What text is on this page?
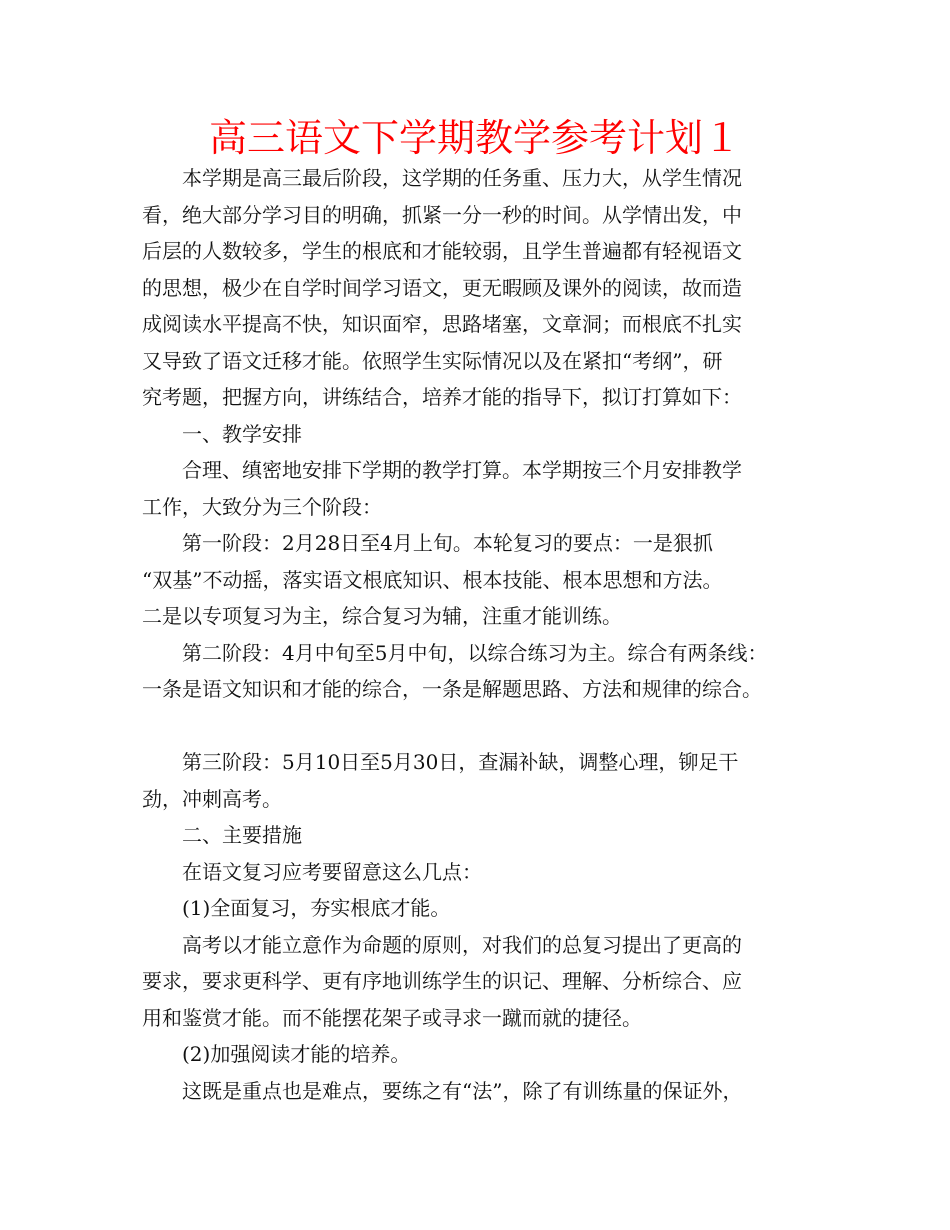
高三语文下学期教学参考计划１

本学期是高三最后阶段，这学期的任务重、压力大，从学生情况
看，绝大部分学习目的明确，抓紧一分一秒的时间。从学情出发，中
后层的人数较多，学生的根底和才能较弱，且学生普遍都有轻视语文
的思想，极少在自学时间学习语文，更无暇顾及课外的阅读，故而造
成阅读水平提高不快，知识面窄，思路堵塞，文章洞；而根底不扎实
又导致了语文迁移才能。依照学生实际情况以及在紧扣“考纲”，研
究考题，把握方向，讲练结合，培养才能的指导下，拟订打算如下：

一、教学安排

合理、缜密地安排下学期的教学打算。本学期按三个月安排教学
工作，大致分为三个阶段：

第一阶段：2月28日至4月上旬。本轮复习的要点：一是狠抓
“双基”不动摇，落实语文根底知识、根本技能、根本思想和方法。
二是以专项复习为主，综合复习为辅，注重才能训练。

第二阶段：4月中旬至5月中旬，以综合练习为主。综合有两条线：
一条是语文知识和才能的综合，一条是解题思路、方法和规律的综合。

第三阶段：5月10日至5月30日，查漏补缺，调整心理，铆足干
劲，冲刺高考。

二、主要措施

在语文复习应考要留意这么几点：

(1)全面复习，夯实根底才能。

高考以才能立意作为命题的原则，对我们的总复习提出了更高的
要求，要求更科学、更有序地训练学生的识记、理解、分析综合、应
用和鉴赏才能。而不能摆花架子或寻求一蹴而就的捷径。

(2)加强阅读才能的培养。

这既是重点也是难点，要练之有“法”，除了有训练量的保证外，
